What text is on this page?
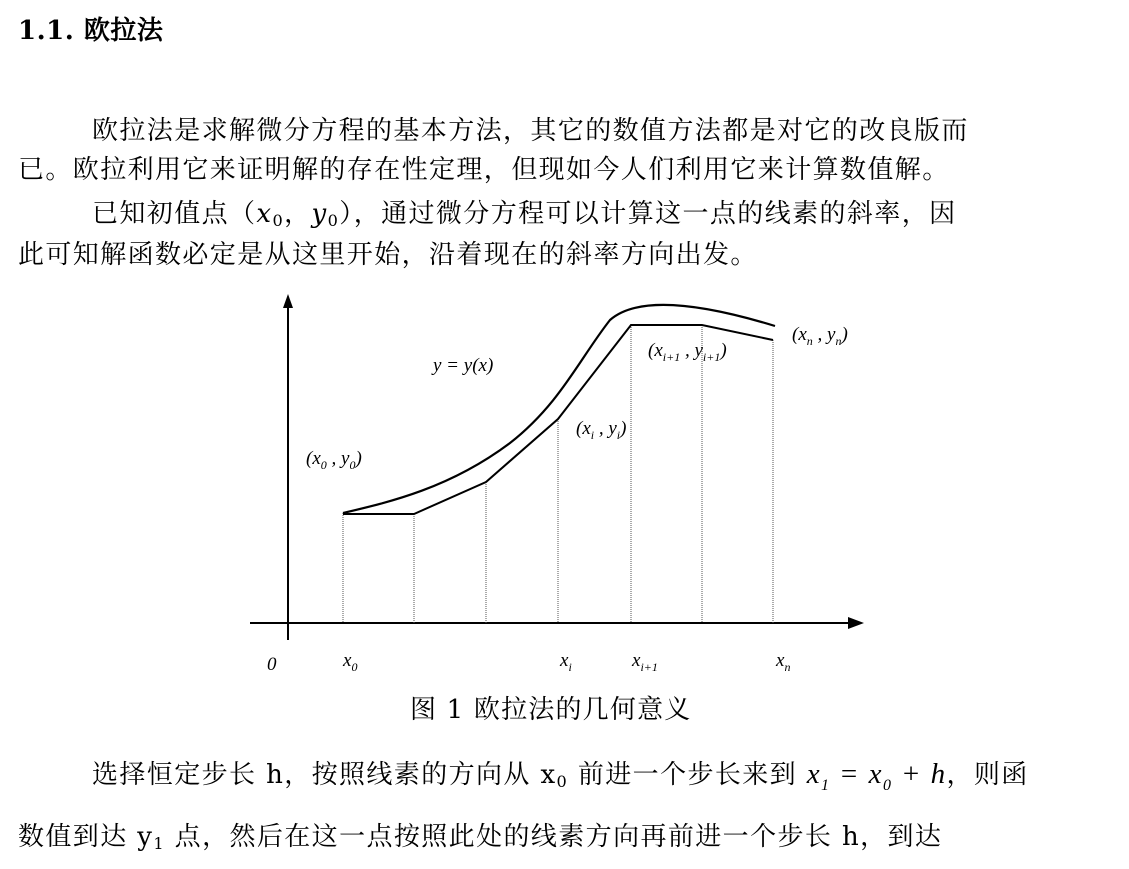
1.1. 欧拉法
欧拉法是求解微分方程的基本方法，其它的数值方法都是对它的改良版而
已。欧拉利用它来证明解的存在性定理，但现如今人们利用它来计算数值解。
已知初值点（$x_0$，$y_0$），通过微分方程可以计算这一点的线素的斜率，因
此可知解函数必定是从这里开始，沿着现在的斜率方向出发。
y = y(x)
($x_0$ , $y_0$)
($x_i$ , $y_i$)
($x_{i+1}$ , $y_{i+1}$)
($x_n$ , $y_n$)
0	$x_0$	$x_i$	$x_{i+1}$	$x_n$
图 1 欧拉法的几何意义
选择恒定步长 h，按照线素的方向从 $x_0$ 前进一个步长来到 $x_1 = x_0 + h$，则函
数值到达 $y_1$ 点，然后在这一点按照此处的线素方向再前进一个步长 h，到达
